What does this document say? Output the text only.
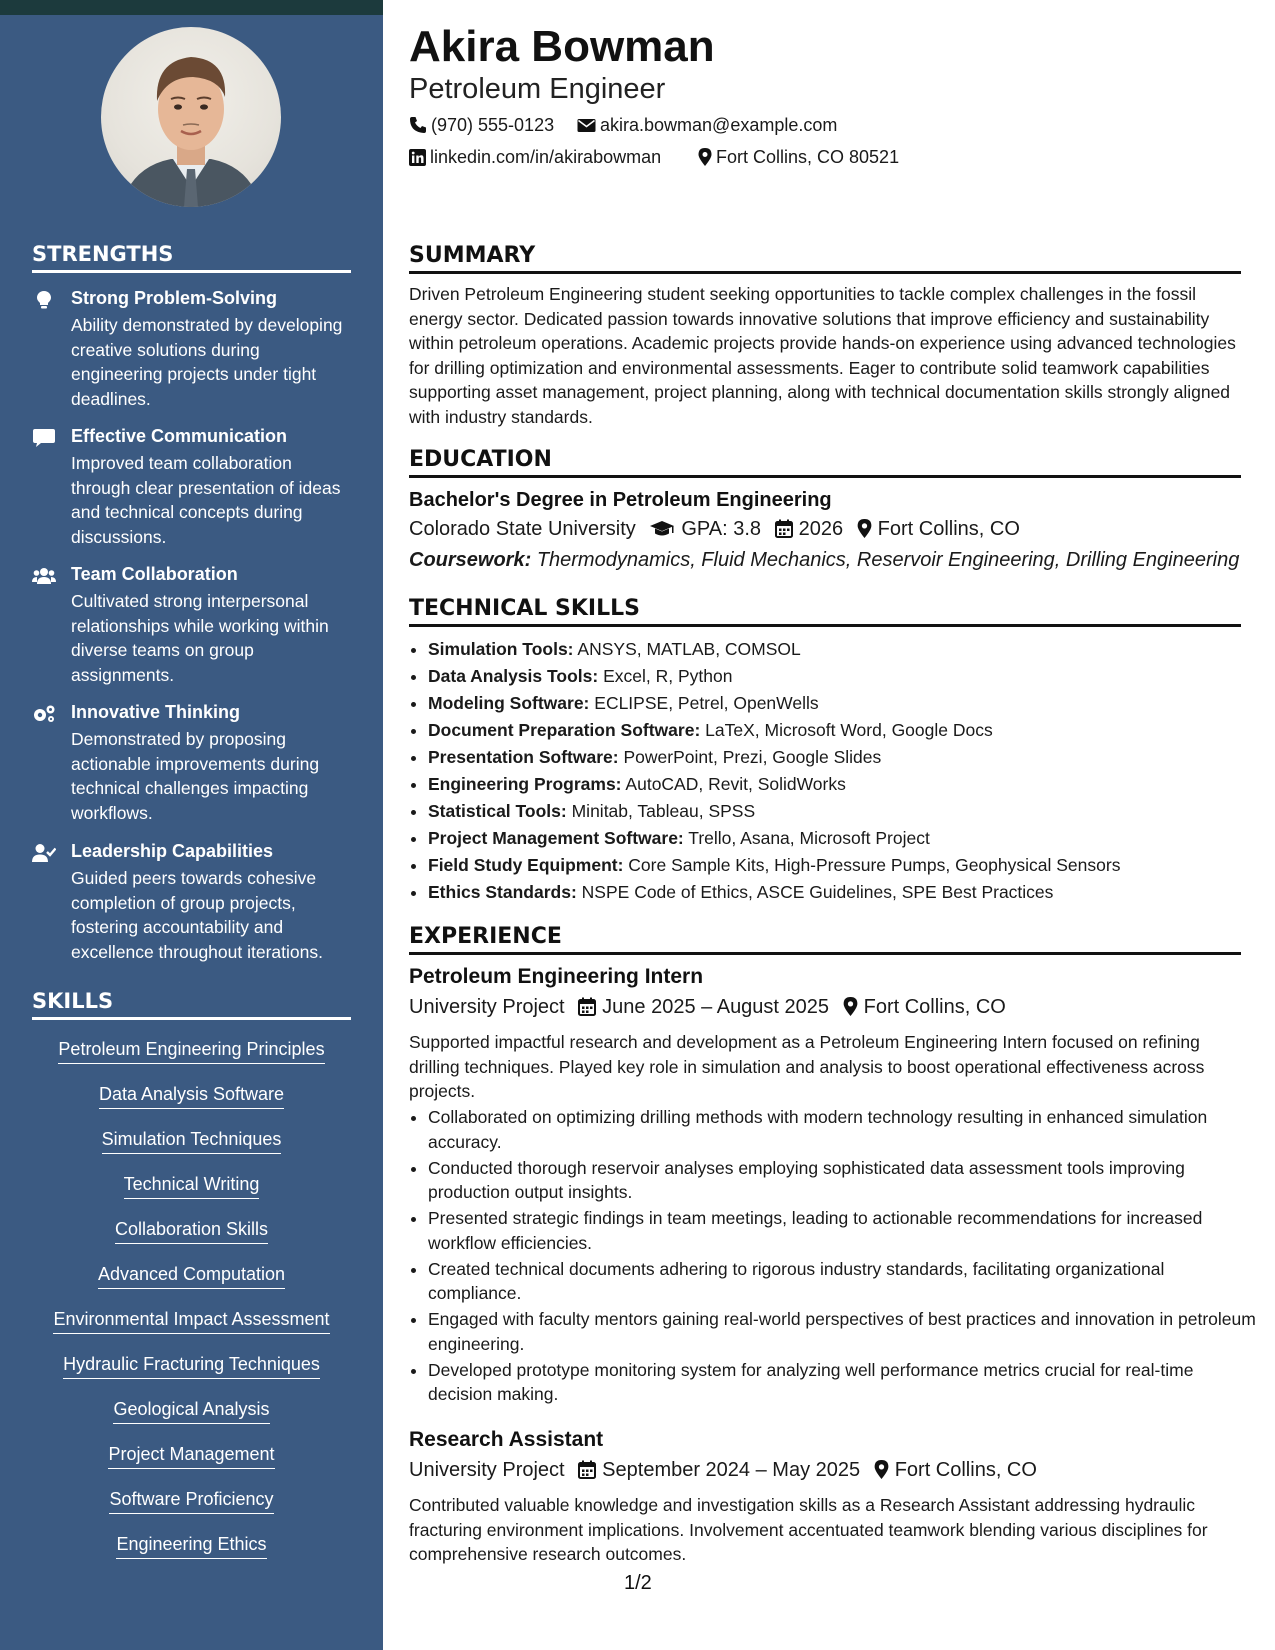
STRENGTHS
Strong Problem-Solving
Ability demonstrated by developing creative solutions during engineering projects under tight deadlines.
Effective Communication
Improved team collaboration through clear presentation of ideas and technical concepts during discussions.
Team Collaboration
Cultivated strong interpersonal relationships while working within diverse teams on group assignments.
Innovative Thinking
Demonstrated by proposing actionable improvements during technical challenges impacting workflows.
Leadership Capabilities
Guided peers towards cohesive completion of group projects, fostering accountability and excellence throughout iterations.
SKILLS
Petroleum Engineering Principles
Data Analysis Software
Simulation Techniques
Technical Writing
Collaboration Skills
Advanced Computation
Environmental Impact Assessment
Hydraulic Fracturing Techniques
Geological Analysis
Project Management
Software Proficiency
Engineering Ethics
Akira Bowman
Petroleum Engineer
(970) 555-0123	akira.bowman@example.com
linkedin.com/in/akirabowman	Fort Collins, CO 80521
SUMMARY
Driven Petroleum Engineering student seeking opportunities to tackle complex challenges in the fossil energy sector. Dedicated passion towards innovative solutions that improve efficiency and sustainability within petroleum operations. Academic projects provide hands-on experience using advanced technologies for drilling optimization and environmental assessments. Eager to contribute solid teamwork capabilities supporting asset management, project planning, along with technical documentation skills strongly aligned with industry standards.
EDUCATION
Bachelor's Degree in Petroleum Engineering
Colorado State University GPA: 3.8 2026 Fort Collins, CO
Coursework: Thermodynamics, Fluid Mechanics, Reservoir Engineering, Drilling Engineering
TECHNICAL SKILLS
• Simulation Tools: ANSYS, MATLAB, COMSOL
• Data Analysis Tools: Excel, R, Python
• Modeling Software: ECLIPSE, Petrel, OpenWells
• Document Preparation Software: LaTeX, Microsoft Word, Google Docs
• Presentation Software: PowerPoint, Prezi, Google Slides
• Engineering Programs: AutoCAD, Revit, SolidWorks
• Statistical Tools: Minitab, Tableau, SPSS
• Project Management Software: Trello, Asana, Microsoft Project
• Field Study Equipment: Core Sample Kits, High-Pressure Pumps, Geophysical Sensors
• Ethics Standards: NSPE Code of Ethics, ASCE Guidelines, SPE Best Practices
EXPERIENCE
Petroleum Engineering Intern
University Project June 2025 – August 2025 Fort Collins, CO
Supported impactful research and development as a Petroleum Engineering Intern focused on refining drilling techniques. Played key role in simulation and analysis to boost operational effectiveness across projects.
• Collaborated on optimizing drilling methods with modern technology resulting in enhanced simulation accuracy.
• Conducted thorough reservoir analyses employing sophisticated data assessment tools improving production output insights.
• Presented strategic findings in team meetings, leading to actionable recommendations for increased workflow efficiencies.
• Created technical documents adhering to rigorous industry standards, facilitating organizational compliance.
• Engaged with faculty mentors gaining real-world perspectives of best practices and innovation in petroleum engineering.
• Developed prototype monitoring system for analyzing well performance metrics crucial for real-time decision making.
Research Assistant
University Project September 2024 – May 2025 Fort Collins, CO
Contributed valuable knowledge and investigation skills as a Research Assistant addressing hydraulic fracturing environment implications. Involvement accentuated teamwork blending various disciplines for comprehensive research outcomes.
1/2
